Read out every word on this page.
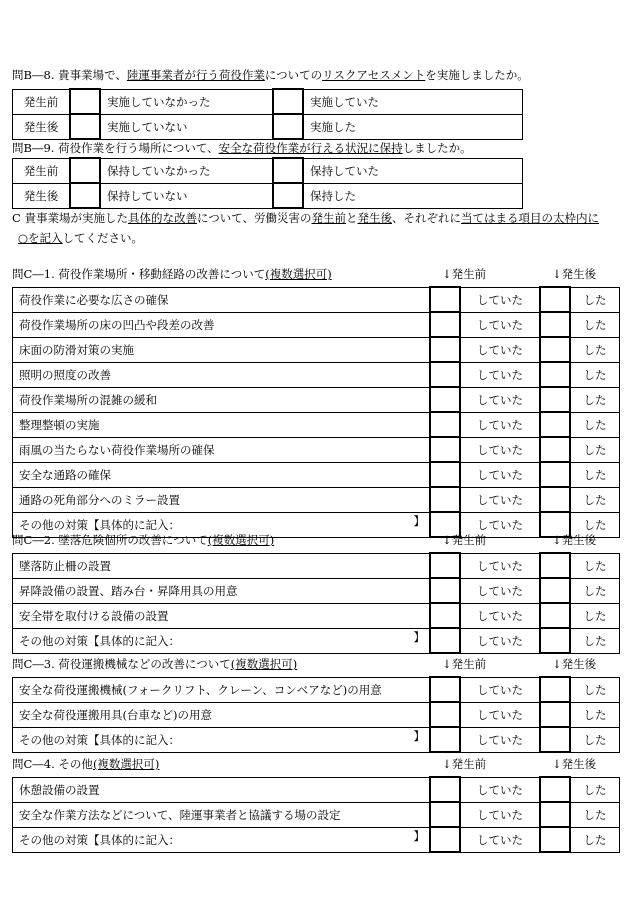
問B―8. 貴事業場で、陸運事業者が行う荷役作業についてのリスクアセスメントを実施しましたか。
発生前		実施していなかった		実施していた
発生後		実施していない		実施した
問B―9. 荷役作業を行う場所について、安全な荷役作業が行える状況に保持しましたか。
発生前		保持していなかった		保持していた
発生後		保持していない		保持した
C 貴事業場が実施した具体的な改善について、労働災害の発生前と発生後、それぞれに当てはまる項目の太枠内に
○を記入してください。
問C―1. 荷役作業場所・移動経路の改善について(複数選択可)	↓発生前	↓発生後
荷役作業に必要な広さの確保		していた		した
荷役作業場所の床の凹凸や段差の改善		していた		した
床面の防滑対策の実施		していた		した
照明の照度の改善		していた		した
荷役作業場所の混雑の緩和		していた		した
整理整頓の実施		していた		した
雨風の当たらない荷役作業場所の確保		していた		した
安全な通路の確保		していた		した
通路の死角部分へのミラー設置		していた		した
その他の対策【具体的に記入： 】		していた		した
問C―2. 墜落危険個所の改善について(複数選択可)	↓発生前	↓発生後
墜落防止柵の設置		していた		した
昇降設備の設置、踏み台・昇降用具の用意		していた		した
安全帯を取付ける設備の設置		していた		した
その他の対策【具体的に記入： 】		していた		した
問C―3. 荷役運搬機械などの改善について(複数選択可)	↓発生前	↓発生後
安全な荷役運搬機械(フォークリフト、クレーン、コンベアなど)の用意		していた		した
安全な荷役運搬用具(台車など)の用意		していた		した
その他の対策【具体的に記入： 】		していた		した
問C―4. その他(複数選択可)	↓発生前	↓発生後
休憩設備の設置		していた		した
安全な作業方法などについて、陸運事業者と協議する場の設定		していた		した
その他の対策【具体的に記入： 】		していた		した
